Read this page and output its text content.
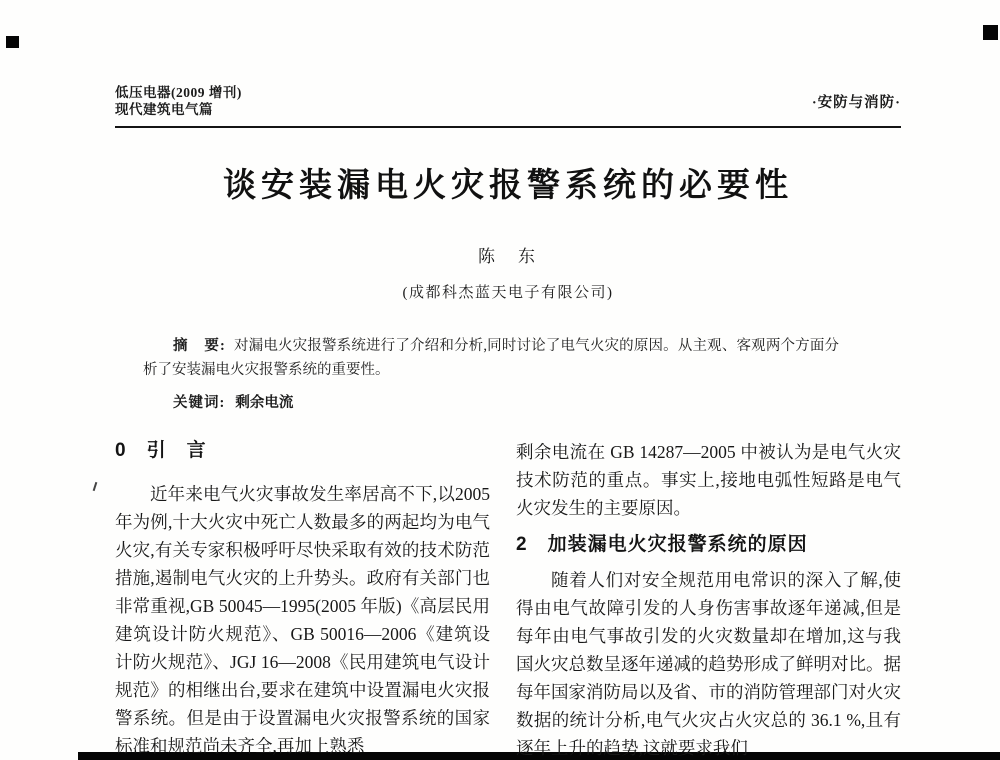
低压电器(2009 增刊)
现代建筑电气篇	·安防与消防·
谈安装漏电火灾报警系统的必要性
陈　东
(成都科杰蓝天电子有限公司)

摘　要: 对漏电火灾报警系统进行了介绍和分析,同时讨论了电气火灾的原因。从主观、客观两个方面分析了安装漏电火灾报警系统的重要性。

关键词: 剩余电流
0　引　言

近年来电气火灾事故发生率居高不下,以2005 年为例,十大火灾中死亡人数最多的两起均为电气火灾,有关专家积极呼吁尽快采取有效的技术防范措施,遏制电气火灾的上升势头。政府有关部门也非常重视,GB 50045—1995(2005 年版)《高层民用建筑设计防火规范》、GB 50016—2006《建筑设计防火规范》、JGJ 16—2008《民用建筑电气设计规范》的相继出台,要求在建筑中设置漏电火灾报警系统。但是由于设置漏电火灾报警系统的国家标准和规范尚未齐全,再加上熟悉

剩余电流在 GB 14287—2005 中被认为是电气火灾技术防范的重点。事实上,接地电弧性短路是电气火灾发生的主要原因。

2　加装漏电火灾报警系统的原因

随着人们对安全规范用电常识的深入了解,使得由电气故障引发的人身伤害事故逐年递减,但是每年由电气事故引发的火灾数量却在增加,这与我国火灾总数呈逐年递减的趋势形成了鲜明对比。据每年国家消防局以及省、市的消防管理部门对火灾数据的统计分析,电气火灾占火灾总的 36.1 %,且有逐年上升的趋势,这就要求我们
